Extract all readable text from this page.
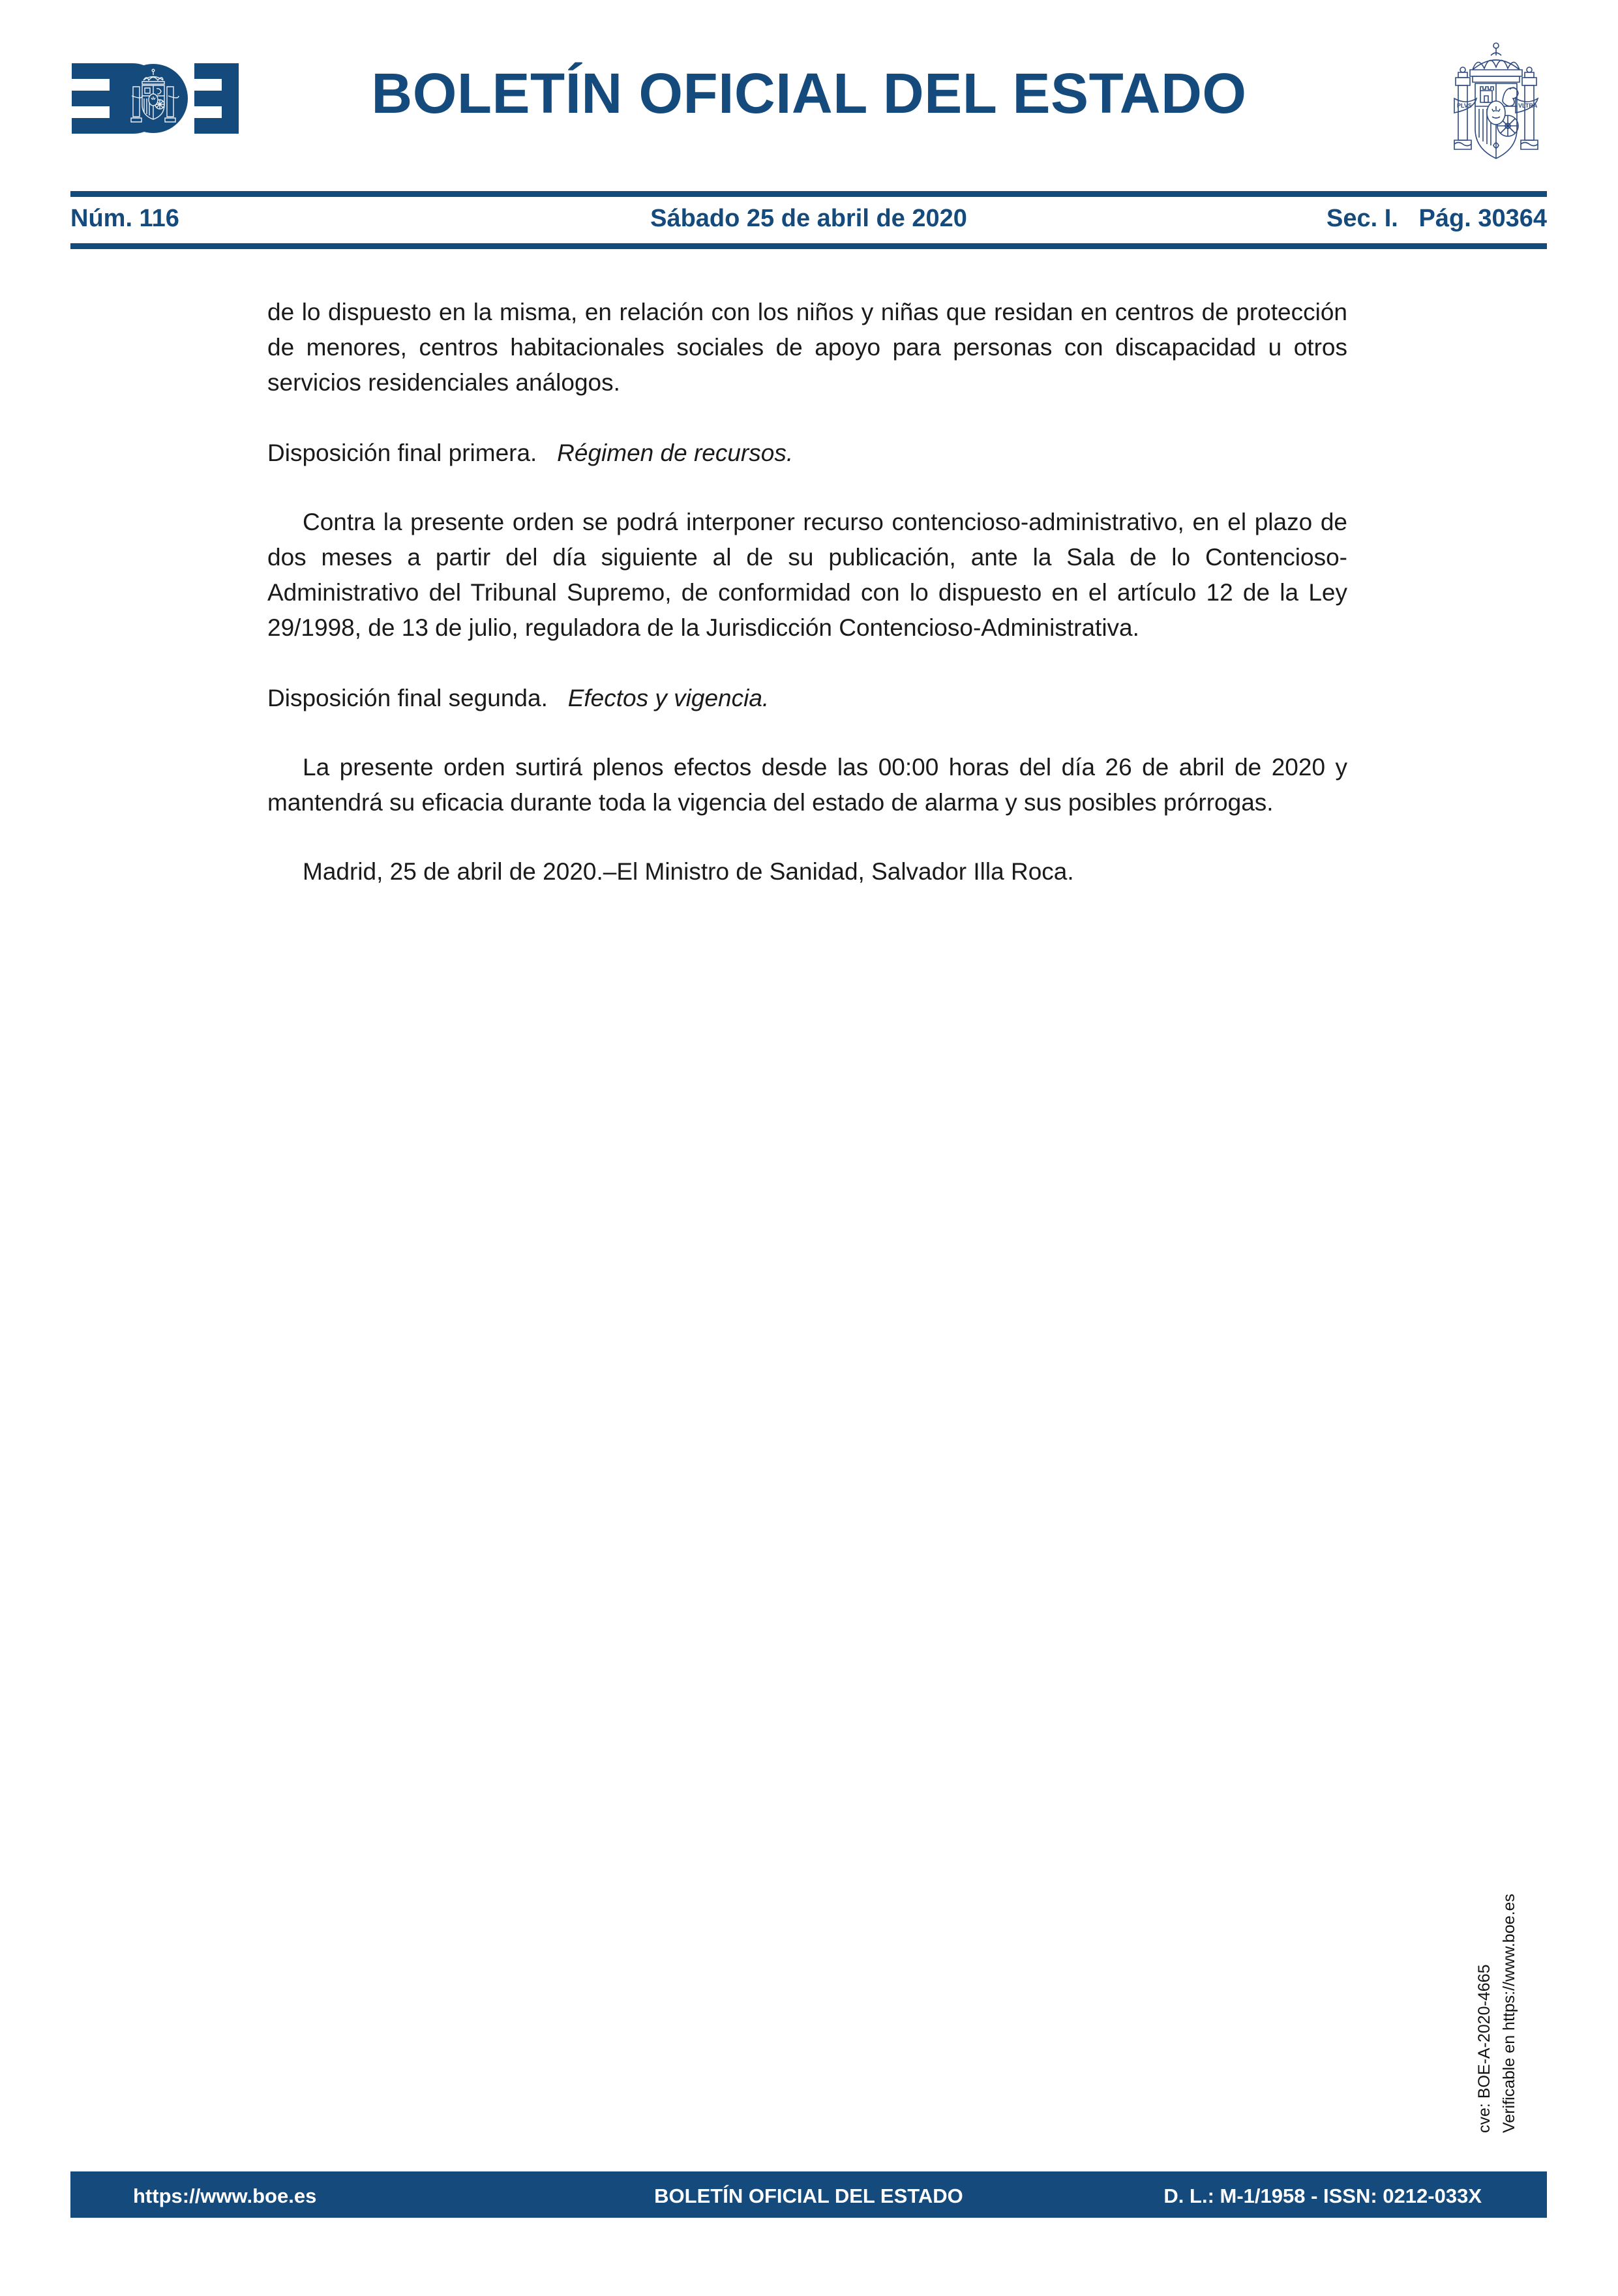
BOLETÍN OFICIAL DEL ESTADO	PLVS	VLTRA
Núm. 116	Sábado 25 de abril de 2020	Sec. I.   Pág. 30364

de lo dispuesto en la misma, en relación con los niños y niñas que residan en centros de protección de menores, centros habitacionales sociales de apoyo para personas con discapacidad u otros servicios residenciales análogos.

Disposición final primera. Régimen de recursos.

Contra la presente orden se podrá interponer recurso contencioso-administrativo, en el plazo de dos meses a partir del día siguiente al de su publicación, ante la Sala de lo Contencioso-Administrativo del Tribunal Supremo, de conformidad con lo dispuesto en el artículo 12 de la Ley 29/1998, de 13 de julio, reguladora de la Jurisdicción Contencioso-Administrativa.

Disposición final segunda. Efectos y vigencia.

La presente orden surtirá plenos efectos desde las 00:00 horas del día 26 de abril de 2020 y mantendrá su eficacia durante toda la vigencia del estado de alarma y sus posibles prórrogas.

Madrid, 25 de abril de 2020.–El Ministro de Sanidad, Salvador Illa Roca.

cve: BOE-A-2020-4665 Verificable en https://www.boe.es
https://www.boe.es	BOLETÍN OFICIAL DEL ESTADO	D. L.: M-1/1958 - ISSN: 0212-033X
